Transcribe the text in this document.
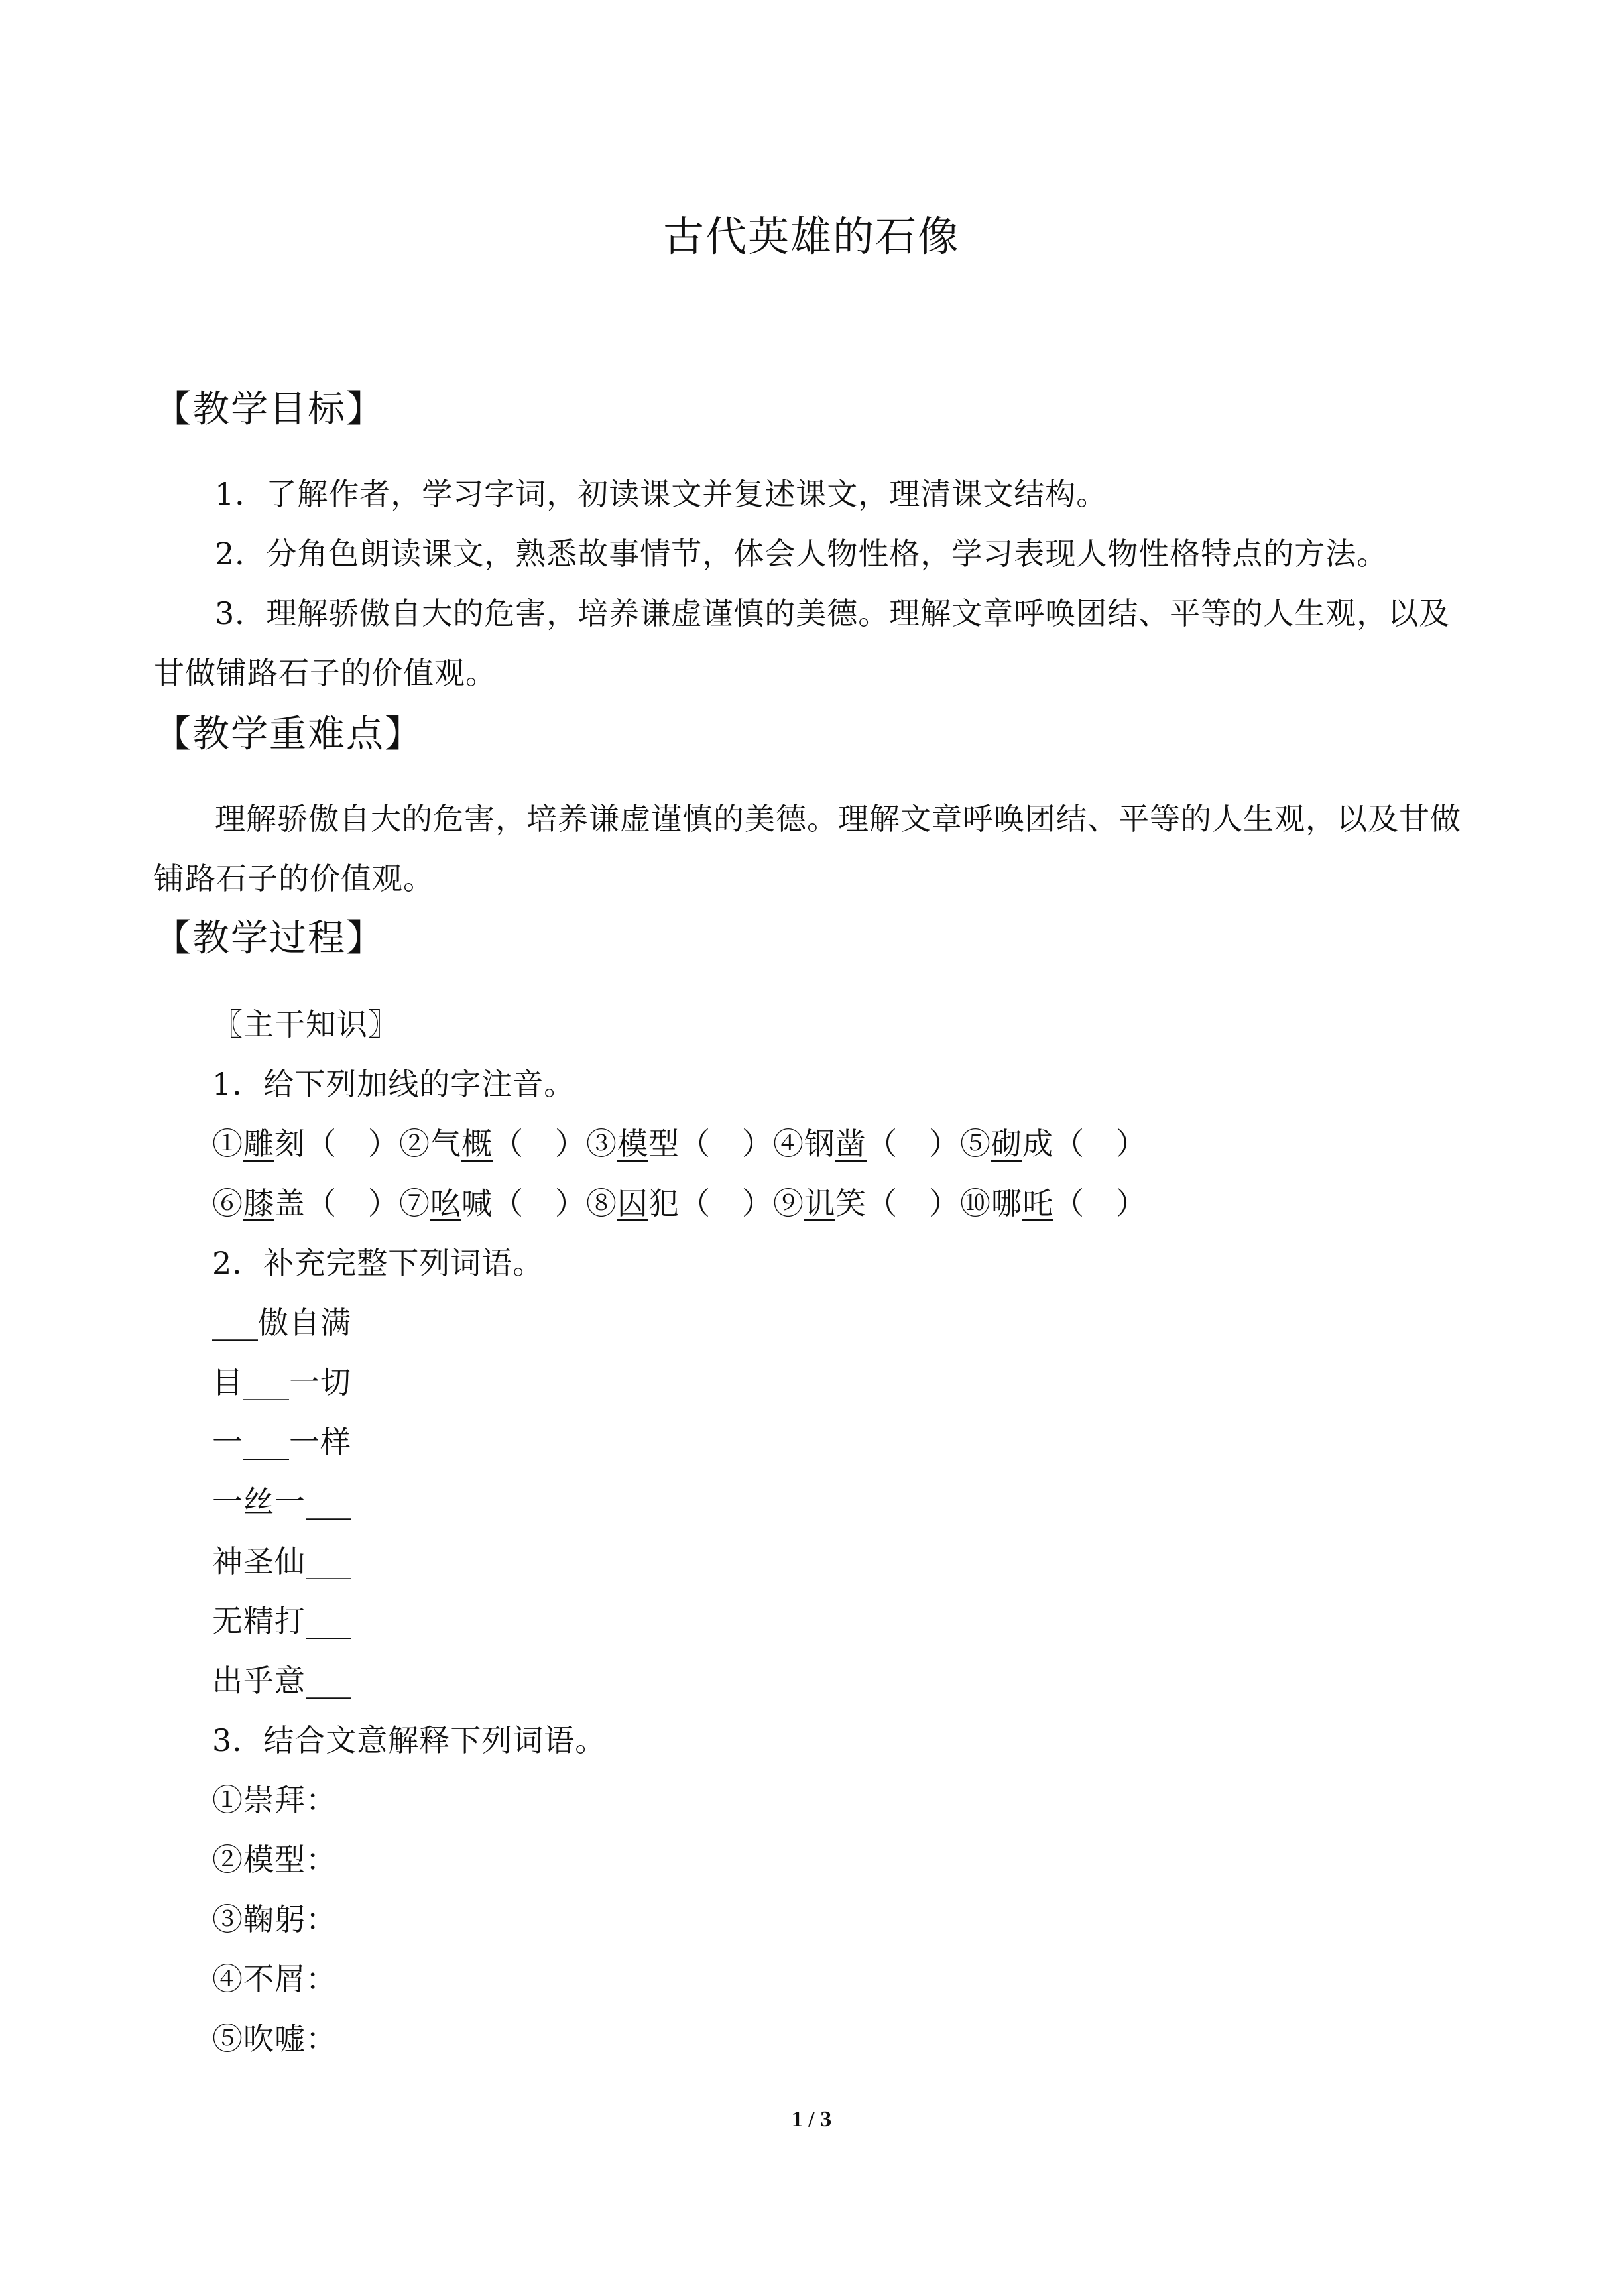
古代英雄的石像
【教学目标】
1．了解作者，学习字词，初读课文并复述课文，理清课文结构。
2．分角色朗读课文，熟悉故事情节，体会人物性格，学习表现人物性格特点的方法。
3．理解骄傲自大的危害，培养谦虚谨慎的美德。理解文章呼唤团结、平等的人生观，以及甘做铺路石子的价值观。
【教学重难点】
理解骄傲自大的危害，培养谦虚谨慎的美德。理解文章呼唤团结、平等的人生观，以及甘做铺路石子的价值观。
【教学过程】
〖主干知识〗
1．给下列加线的字注音。
①雕刻（　）②气概（　）③模型（　）④钢凿（　）⑤砌成（　）
⑥膝盖（　）⑦吆喊（　）⑧囚犯（　）⑨讥笑（　）⑩哪吒（　）
2．补充完整下列词语。
___傲自满
目___一切
一___一样
一丝一___
神圣仙___
无精打___
出乎意___
3．结合文意解释下列词语。
①崇拜：
②模型：
③鞠躬：
④不屑：
⑤吹嘘：
1 / 3
